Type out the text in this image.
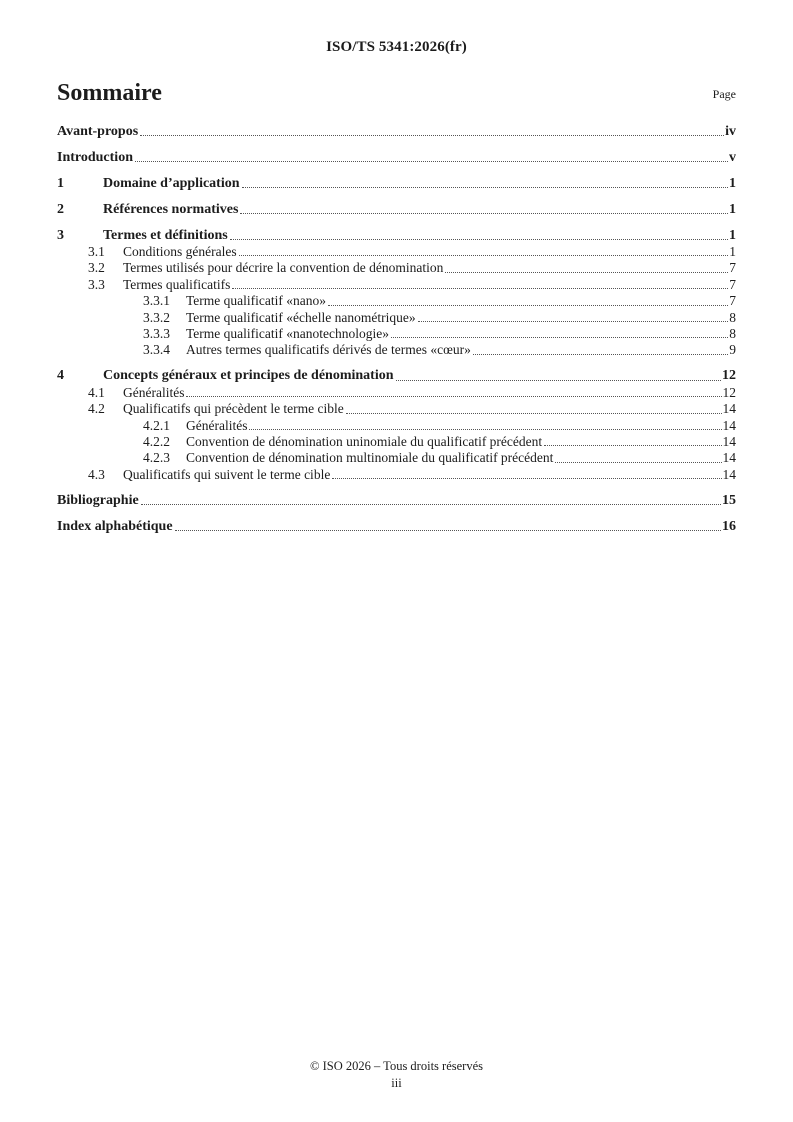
ISO/TS 5341:2026(fr)
Sommaire	Page
Avant-propos	iv
Introduction	v
1	Domaine d’application	1
2	Références normatives	1
3	Termes et définitions	1
3.1	Conditions générales	1
3.2	Termes utilisés pour décrire la convention de dénomination	7
3.3	Termes qualificatifs	7
3.3.1	Terme qualificatif «nano»	7
3.3.2	Terme qualificatif «échelle nanométrique»	8
3.3.3	Terme qualificatif «nanotechnologie»	8
3.3.4	Autres termes qualificatifs dérivés de termes «cœur»	9
4	Concepts généraux et principes de dénomination	12
4.1	Généralités	12
4.2	Qualificatifs qui précèdent le terme cible	14
4.2.1	Généralités	14
4.2.2	Convention de dénomination uninomiale du qualificatif précédent	14
4.2.3	Convention de dénomination multinomiale du qualificatif précédent	14
4.3	Qualificatifs qui suivent le terme cible	14
Bibliographie	15
Index alphabétique	16
© ISO 2026 – Tous droits réservés
iii
